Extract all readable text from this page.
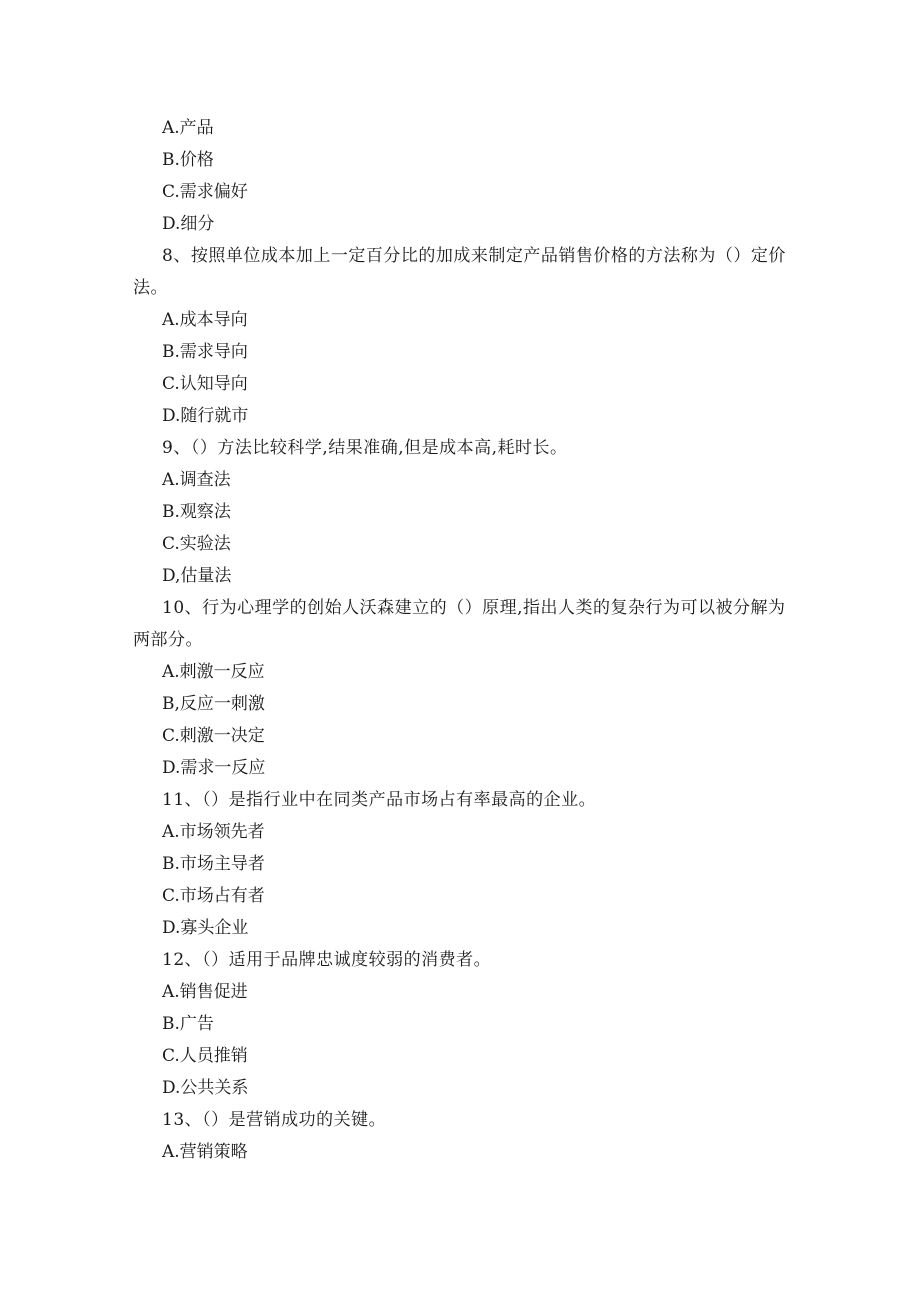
A.产品
B.价格
C.需求偏好
D.细分
8、按照单位成本加上一定百分比的加成来制定产品销售价格的方法称为（）定价法。
A.成本导向
B.需求导向
C.认知导向
D.随行就市
9、（）方法比较科学,结果准确,但是成本高,耗时长。
A.调查法
B.观察法
C.实验法
D,估量法
10、行为心理学的创始人沃森建立的（）原理,指出人类的复杂行为可以被分解为两部分。
A.刺激一反应
B,反应一刺激
C.刺激一决定
D.需求一反应
11、（）是指行业中在同类产品市场占有率最高的企业。
A.市场领先者
B.市场主导者
C.市场占有者
D.寡头企业
12、（）适用于品牌忠诚度较弱的消费者。
A.销售促进
B.广告
C.人员推销
D.公共关系
13、（）是营销成功的关键。
A.营销策略
